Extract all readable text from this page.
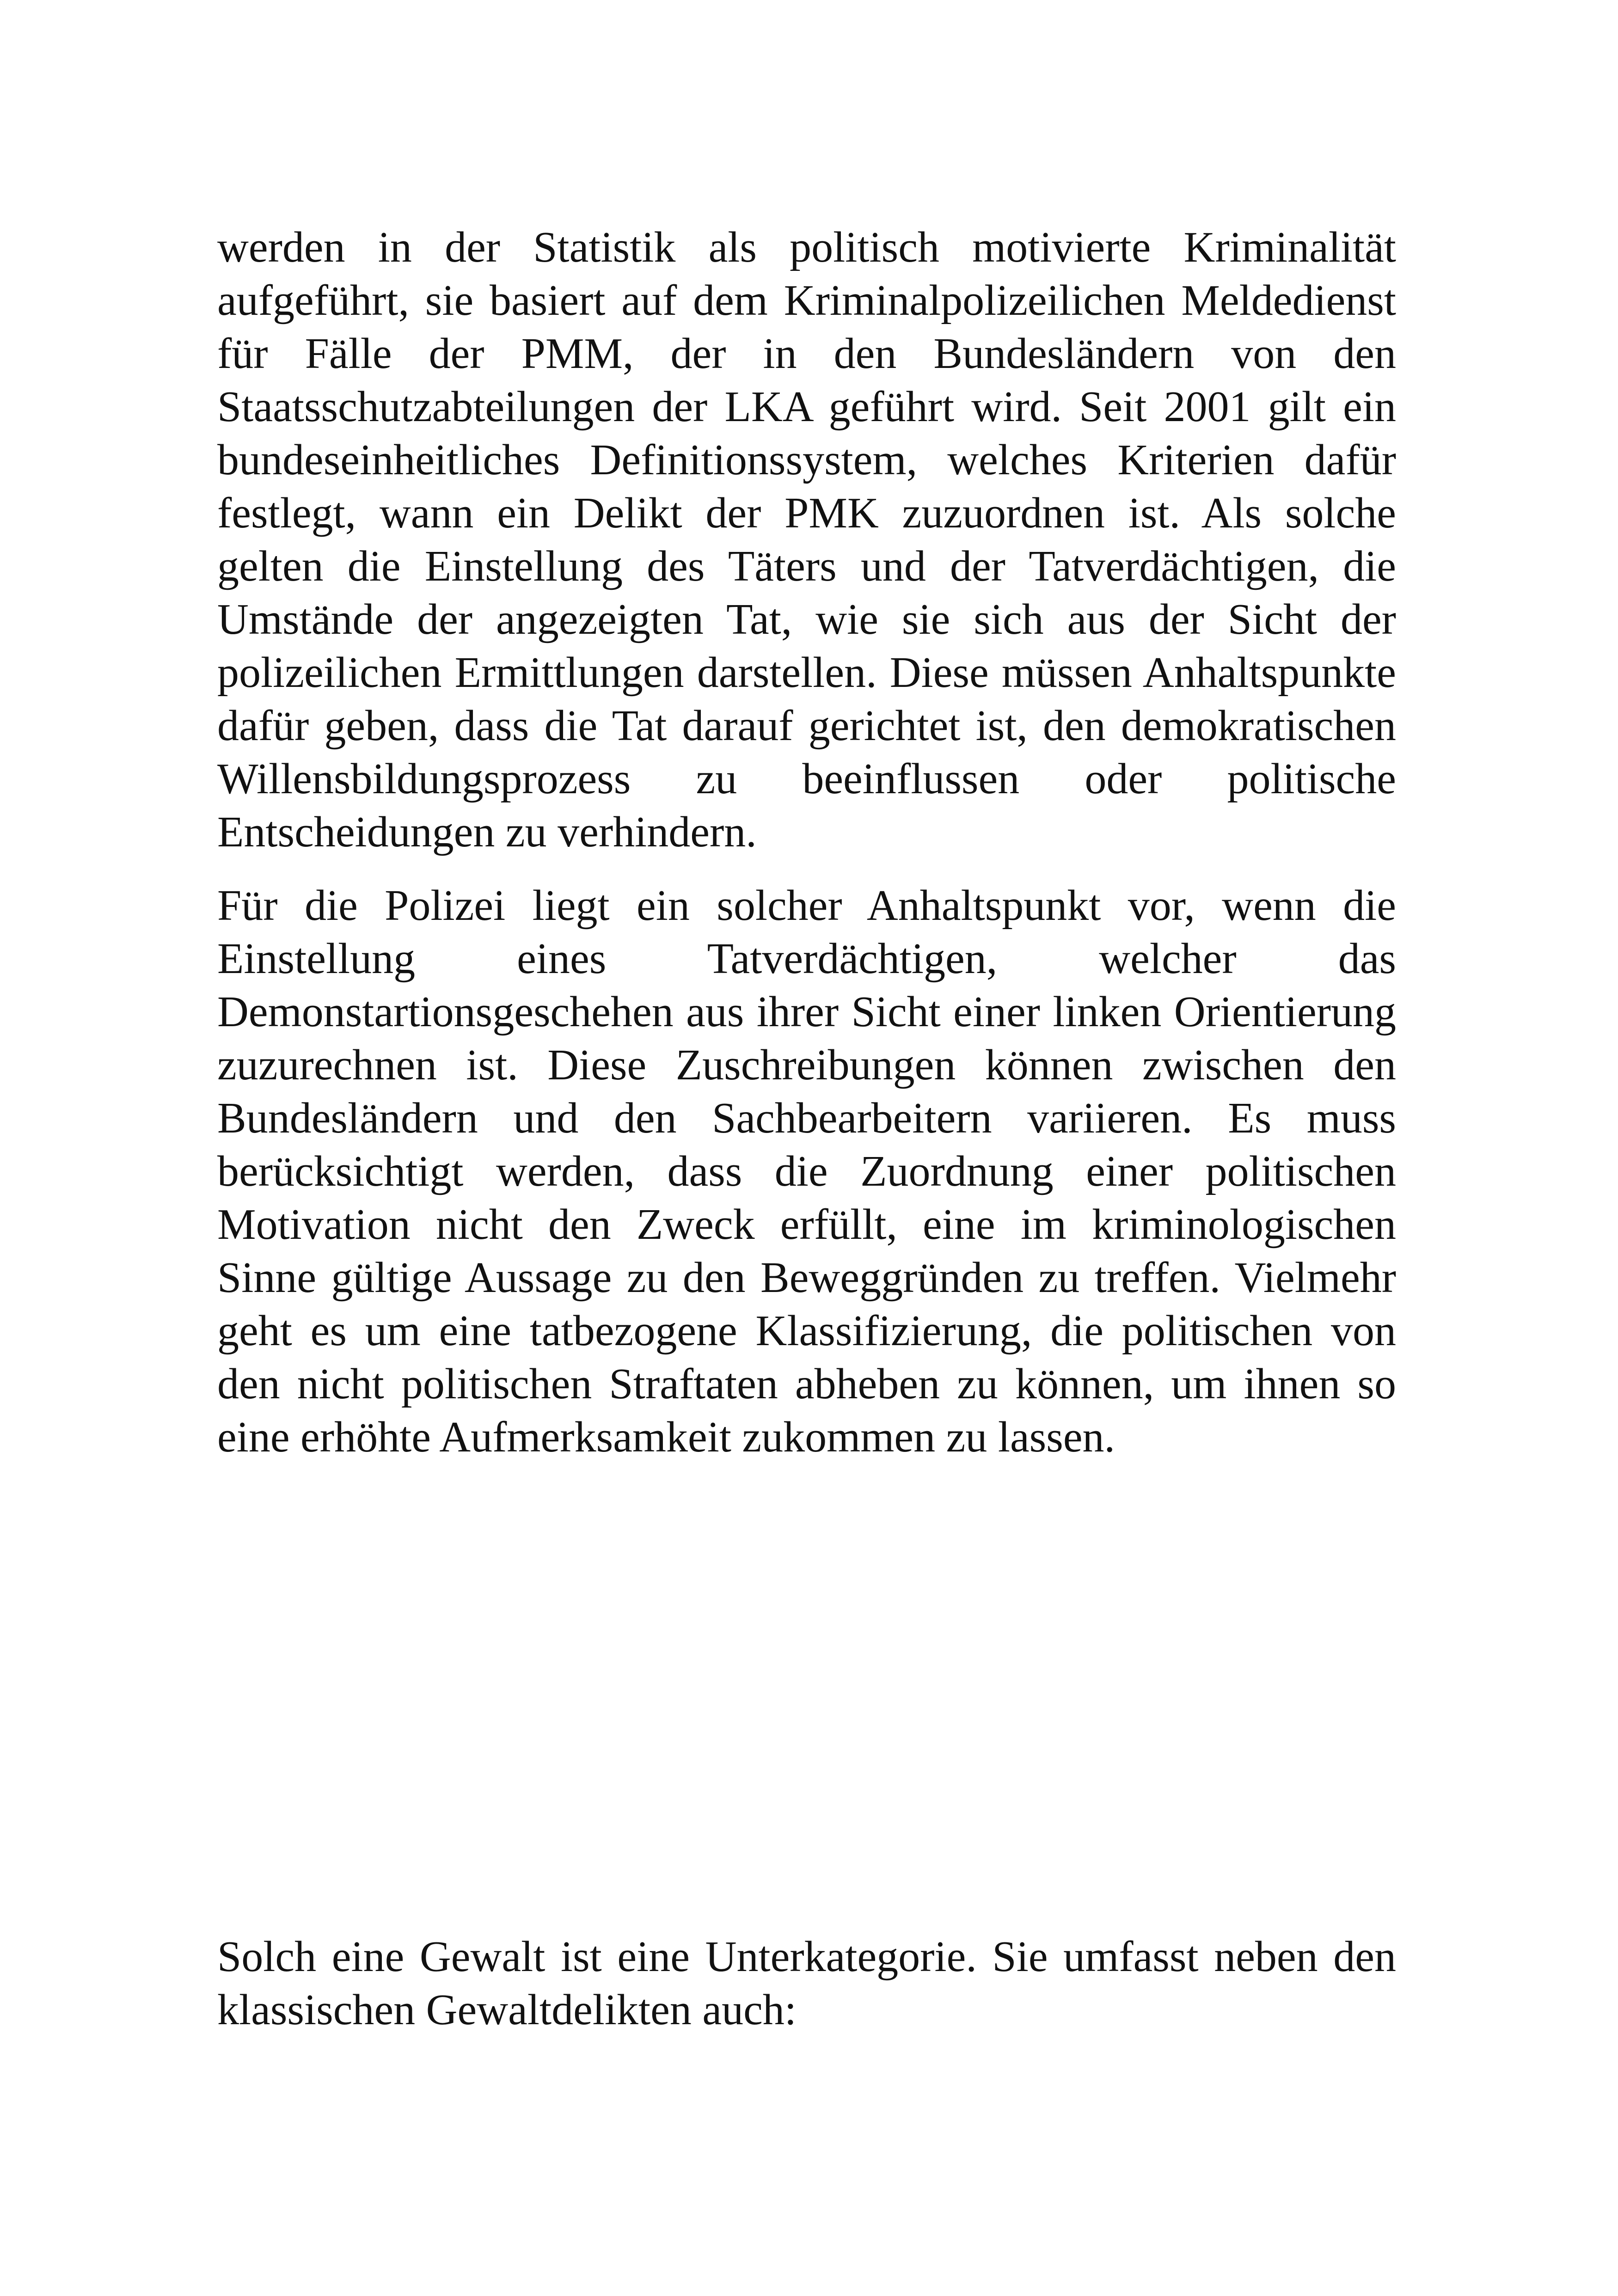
werden in der Statistik als politisch motivierte Kriminalität aufgeführt, sie basiert auf dem Kriminalpolizeilichen Meldedienst für Fälle der PMM, der in den Bundesländern von den Staatsschutzabteilungen der LKA geführt wird. Seit 2001 gilt ein bundeseinheitliches Definitionssystem, welches Kriterien dafür festlegt, wann ein Delikt der PMK zuzuordnen ist. Als solche gelten die Einstellung des Täters und der Tatverdächtigen, die Umstände der angezeigten Tat, wie sie sich aus der Sicht der polizeilichen Ermittlungen darstellen. Diese müssen Anhaltspunkte dafür geben, dass die Tat darauf gerichtet ist, den demokratischen Willensbildungsprozess zu beeinflussen oder politische Entscheidungen zu verhindern.

Für die Polizei liegt ein solcher Anhaltspunkt vor, wenn die Einstellung eines Tatverdächtigen, welcher das Demonstartionsgeschehen aus ihrer Sicht einer linken Orientierung zuzurechnen ist. Diese Zuschreibungen können zwischen den Bundesländern und den Sachbearbeitern variieren. Es muss berücksichtigt werden, dass die Zuordnung einer politischen Motivation nicht den Zweck erfüllt, eine im kriminologischen Sinne gültige Aussage zu den Beweggründen zu treffen. Vielmehr geht es um eine tatbezogene Klassifizierung, die politischen von den nicht politischen Straftaten abheben zu können, um ihnen so eine erhöhte Aufmerksamkeit zukommen zu lassen.

Solch eine Gewalt ist eine Unterkategorie. Sie umfasst neben den klassischen Gewaltdelikten auch:
